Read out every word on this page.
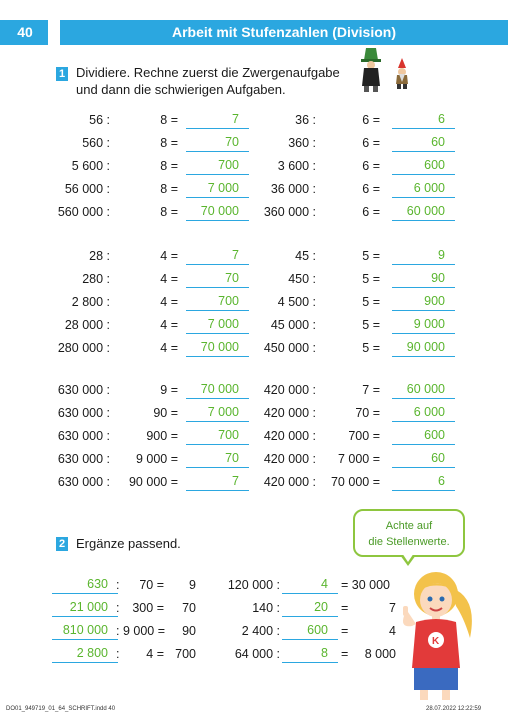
40	Arbeit mit Stufenzahlen (Division)
1 Dividiere. Rechne zuerst die Zwergenaufgabe
und dann die schwierigen Aufgaben.
56 :	8 =	7	36 :	6 =	6
560 :	8 =	70	360 :	6 =	60
5 600 :	8 =	700	3 600 :	6 =	600
56 000 :	8 =	7 000	36 000 :	6 =	6 000
560 000 :	8 =	70 000	360 000 :	6 =	60 000
28 :	4 =	7	45 :	5 =	9
280 :	4 =	70	450 :	5 =	90
2 800 :	4 =	700	4 500 :	5 =	900
28 000 :	4 =	7 000	45 000 :	5 =	9 000
280 000 :	4 =	70 000	450 000 :	5 =	90 000
630 000 :	9 =	70 000	420 000 :	7 =	60 000
630 000 :	90 =	7 000	420 000 :	70 =	6 000
630 000 :	900 =	700	420 000 :	700 =	600
630 000 :	9 000 =	70	420 000 :	7 000 =	60
630 000 :	90 000 =	7	420 000 :	70 000 =	6
2 Ergänze passend.
Achte auf
die Stellenwerte.
K
630 :	70 =	9	120 000 :	4	= 30 000
21 000 :	300 =	70	140 :	20	=	7
810 000 : 9 000 =	90	2 400 :	600	=	4
2 800 :	4 = 700	64 000 :	8	=	8 000
DO01_949719_01_64_SCHRIFT.indd 40	28.07.2022 12:22:59
